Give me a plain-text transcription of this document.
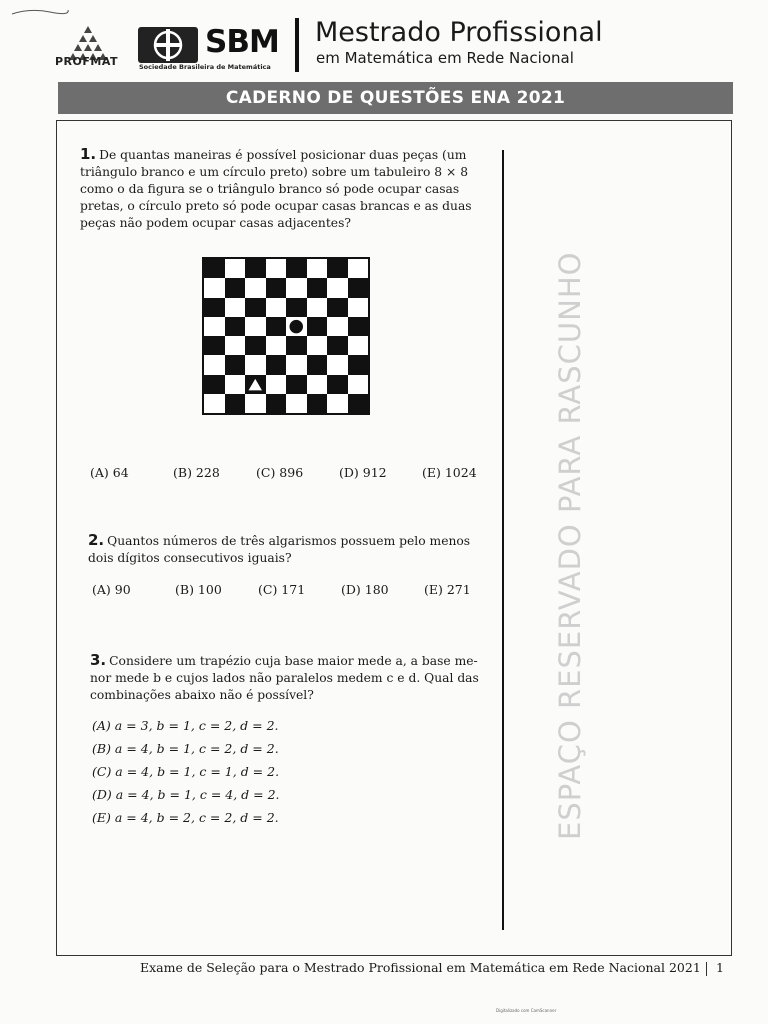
PROFMAT
SBM
Sociedade Brasileira de Matemática
Mestrado Profissional
em Matemática em Rede Nacional
CADERNO DE QUESTÕES ENA 2021
ESPAÇO RESERVADO PARA RASCUNHO
1. De quantas maneiras é possível posicionar duas peças (um
triângulo branco e um círculo preto) sobre um tabuleiro 8 × 8
como o da figura se o triângulo branco só pode ocupar casas
pretas, o círculo preto só pode ocupar casas brancas e as duas
peças não podem ocupar casas adjacentes?
(A) 64	(B) 228	(C) 896	(D) 912	(E) 1024
2. Quantos números de três algarismos possuem pelo menos
dois dígitos consecutivos iguais?
(A) 90	(B) 100	(C) 171	(D) 180	(E) 271
3. Considere um trapézio cuja base maior mede a, a base me-
nor mede b e cujos lados não paralelos medem c e d. Qual das
combinações abaixo não é possível?
(A) a = 3, b = 1, c = 2, d = 2.
(B) a = 4, b = 1, c = 2, d = 2.
(C) a = 4, b = 1, c = 1, d = 2.
(D) a = 4, b = 1, c = 4, d = 2.
(E) a = 4, b = 2, c = 2, d = 2.
Exame de Seleção para o Mestrado Profissional em Matemática em Rede Nacional 2021 1
Digitalizado com CamScanner
